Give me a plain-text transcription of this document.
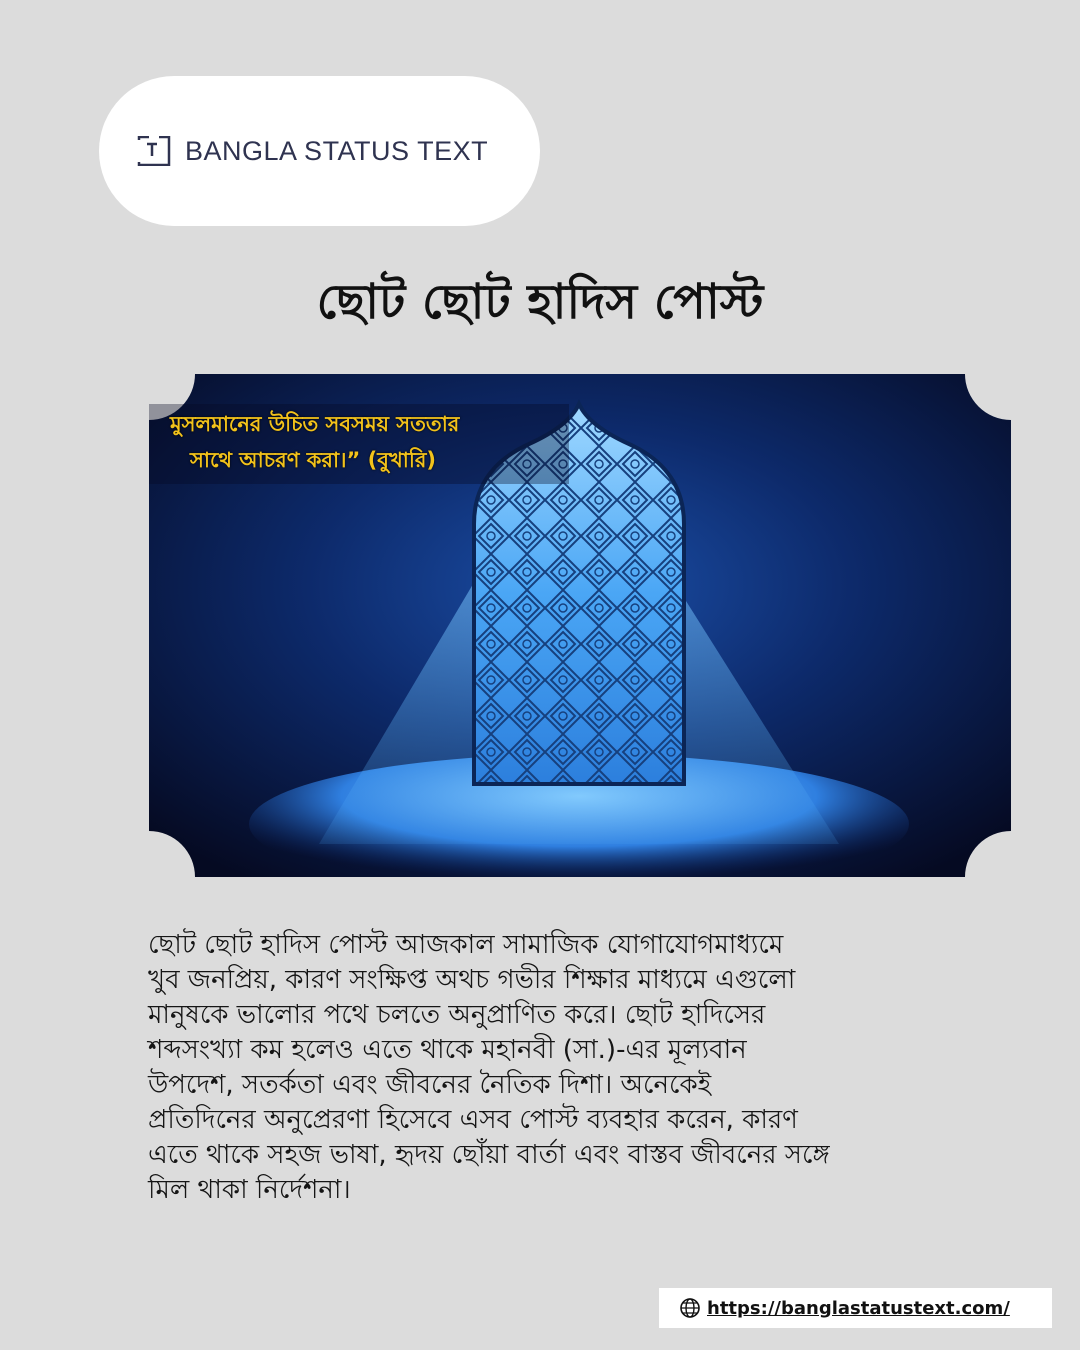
BANGLA STATUS TEXT
ছোট ছোট হাদিস পোস্ট
মুসলমানের উচিত সবসময় সততার
সাথে আচরণ করা।” (বুখারি)
ছোট ছোট হাদিস পোস্ট আজকাল সামাজিক যোগাযোগমাধ্যমে
খুব জনপ্রিয়, কারণ সংক্ষিপ্ত অথচ গভীর শিক্ষার মাধ্যমে এগুলো
মানুষকে ভালোর পথে চলতে অনুপ্রাণিত করে। ছোট হাদিসের
শব্দসংখ্যা কম হলেও এতে থাকে মহানবী (সা.)-এর মূল্যবান
উপদেশ, সতর্কতা এবং জীবনের নৈতিক দিশা। অনেকেই
প্রতিদিনের অনুপ্রেরণা হিসেবে এসব পোস্ট ব্যবহার করেন, কারণ
এতে থাকে সহজ ভাষা, হৃদয় ছোঁয়া বার্তা এবং বাস্তব জীবনের সঙ্গে
মিল থাকা নির্দেশনা।
https://banglastatustext.com/
